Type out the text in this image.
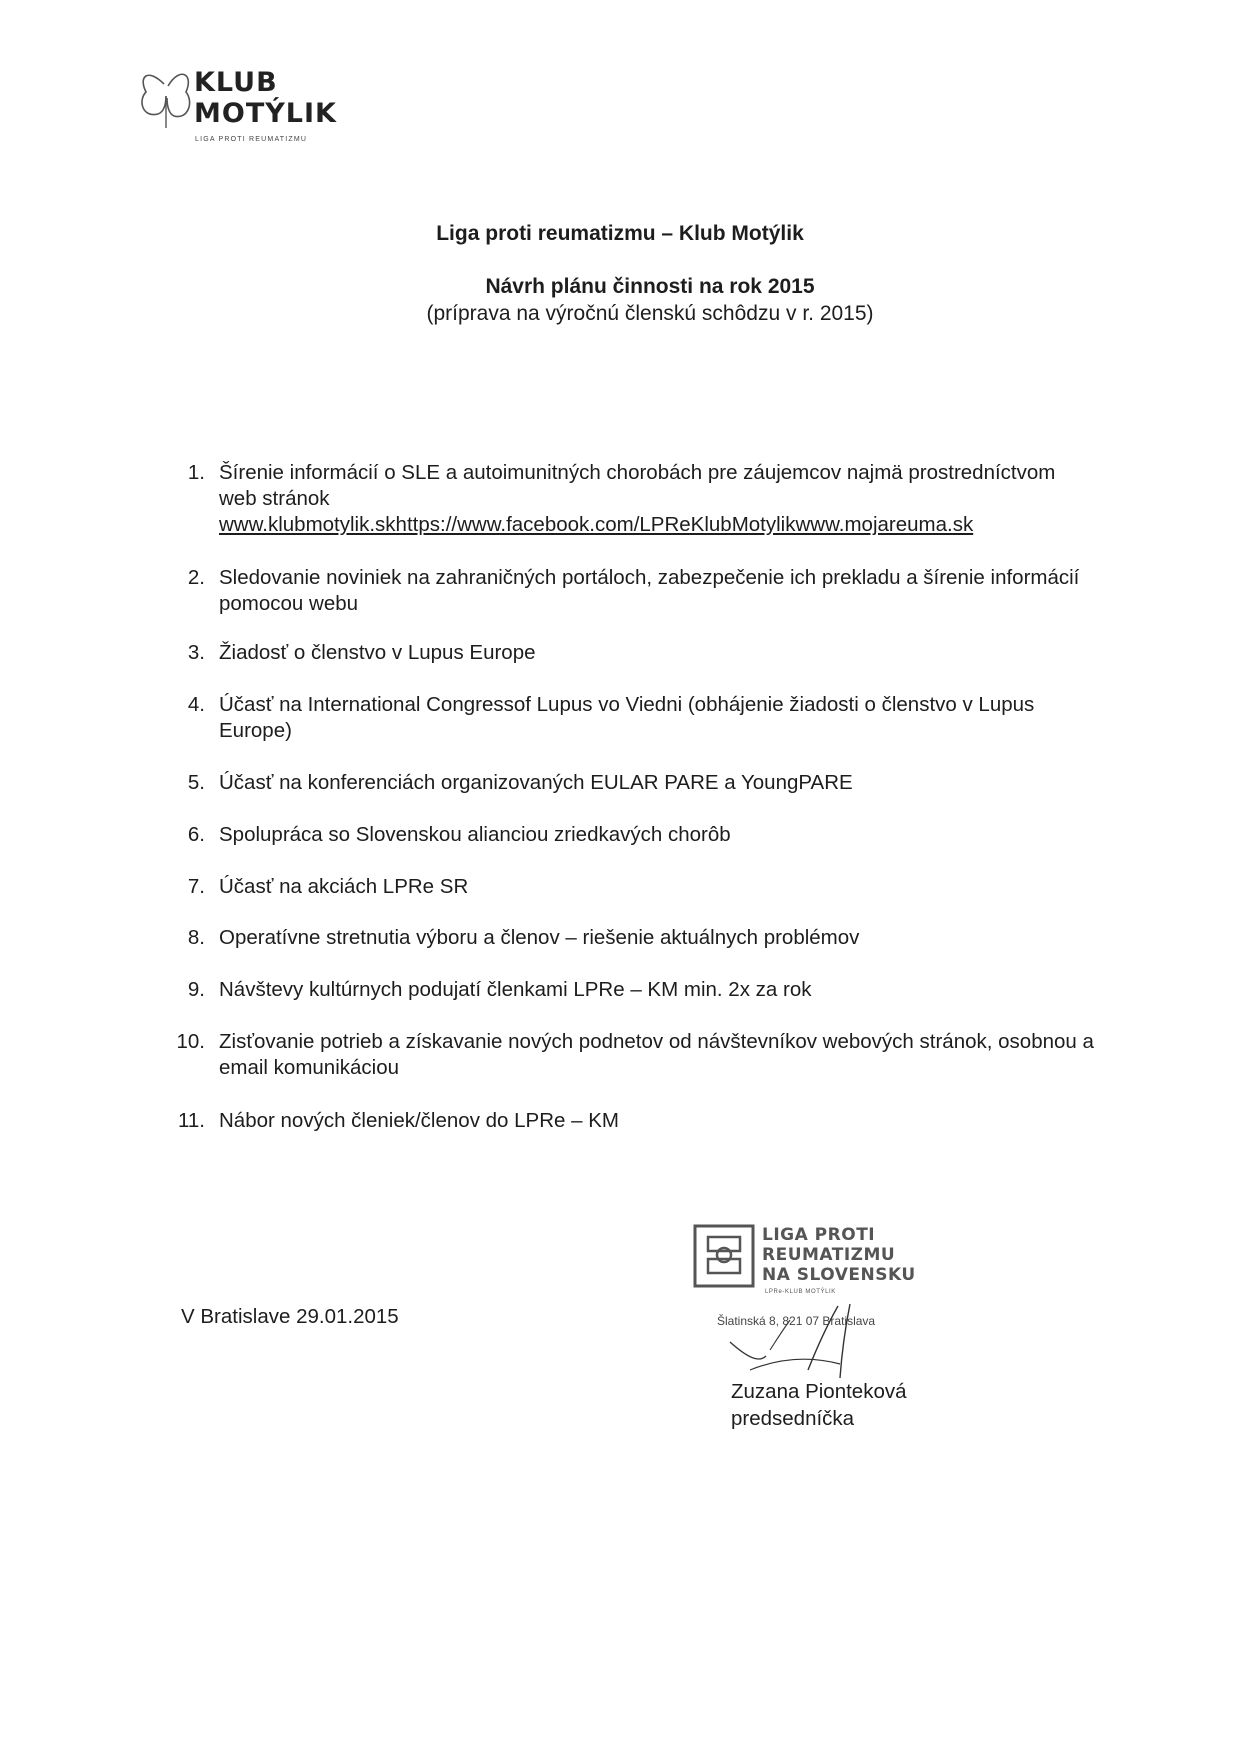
KLUB
MOTÝLIK
LIGA PROTI REUMATIZMU
Liga proti reumatizmu – Klub Motýlik
Návrh plánu činnosti na rok 2015
(príprava na výročnú členskú schôdzu v r. 2015)
1. Šírenie informácií o SLE a autoimunitných chorobách pre záujemcov najmä prostredníctvom web stránok
www.klubmotylik.skhttps://www.facebook.com/LPReKlubMotylikwww.mojareuma.sk
2. Sledovanie noviniek na zahraničných portáloch, zabezpečenie ich prekladu a šírenie informácií pomocou webu
3. Žiadosť o členstvo v Lupus Europe
4. Účasť na International Congressof Lupus vo Viedni (obhájenie žiadosti o členstvo v Lupus Europe)
5. Účasť na konferenciách organizovaných EULAR PARE a YoungPARE
6. Spolupráca so Slovenskou alianciou zriedkavých chorôb
7. Účasť na akciách LPRe SR
8. Operatívne stretnutia výboru a členov – riešenie aktuálnych problémov
9. Návštevy kultúrnych podujatí členkami LPRe – KM min. 2x za rok
10. Zisťovanie potrieb a získavanie nových podnetov od návštevníkov webových stránok, osobnou a email komunikáciou
11. Nábor nových členiek/členov do LPRe – KM
V Bratislave 29.01.2015
LIGA PROTI
REUMATIZMU
NA SLOVENSKU
LPRe-KLUB MOTÝLIK
Šlatinská 8, 821 07 Bratislava
Zuzana Pionteková
predsedníčka
